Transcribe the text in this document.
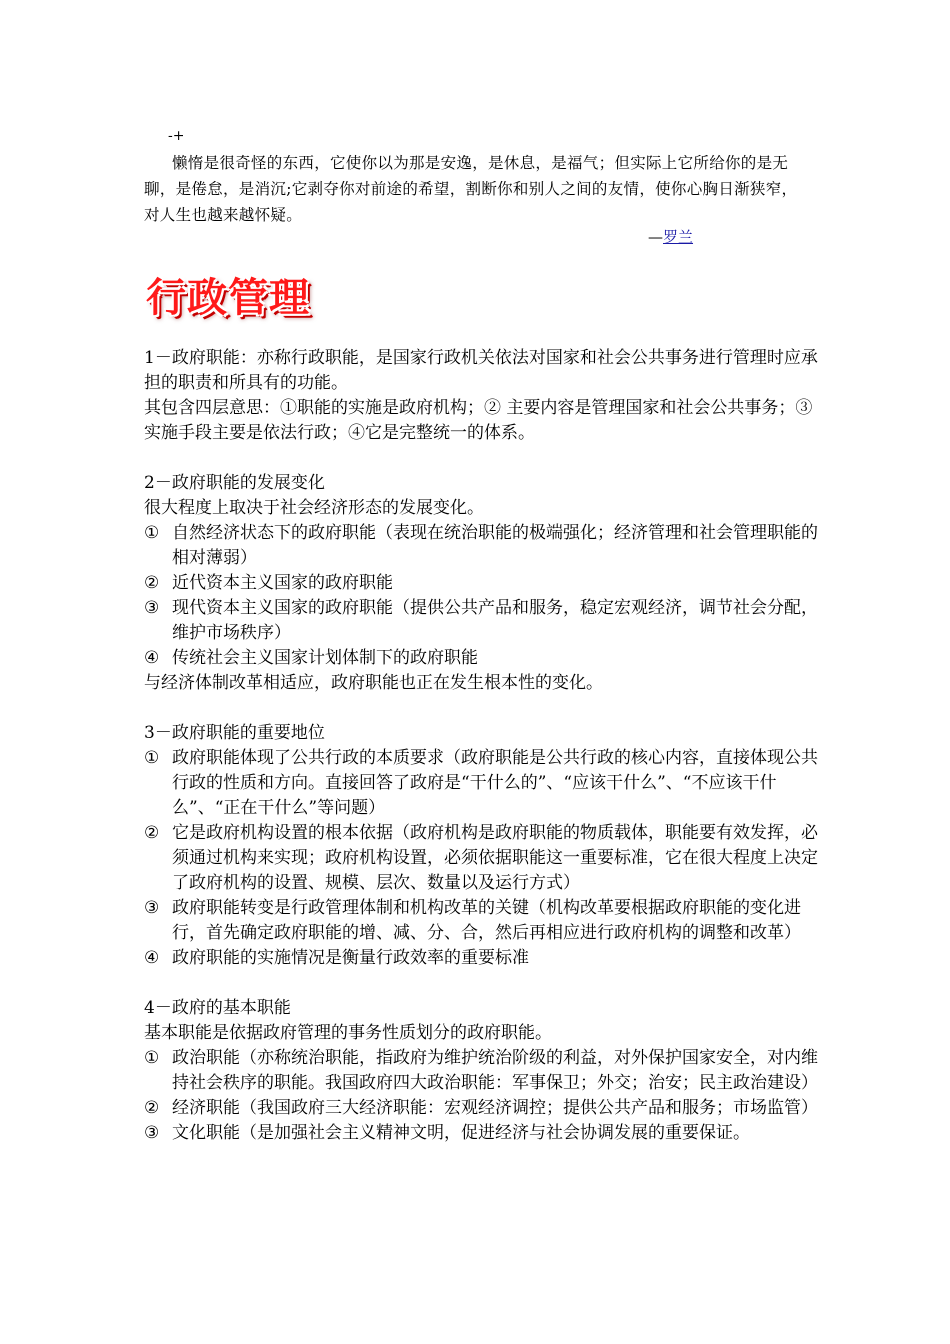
-+

懒惰是很奇怪的东西，它使你以为那是安逸，是休息，是福气；但实际上它所给你的是无聊，是倦怠，是消沉;它剥夺你对前途的希望，割断你和别人之间的友情，使你心胸日渐狭窄，对人生也越来越怀疑。

—罗兰
行政管理

1－政府职能：亦称行政职能，是国家行政机关依法对国家和社会公共事务进行管理时应承担的职责和所具有的功能。

其包含四层意思：①职能的实施是政府机构；② 主要内容是管理国家和社会公共事务；③实施手段主要是依法行政；④它是完整统一的体系。

2－政府职能的发展变化

很大程度上取决于社会经济形态的发展变化。

① 自然经济状态下的政府职能（表现在统治职能的极端强化；经济管理和社会管理职能的相对薄弱）
② 近代资本主义国家的政府职能
③ 现代资本主义国家的政府职能（提供公共产品和服务，稳定宏观经济，调节社会分配，维护市场秩序）
④ 传统社会主义国家计划体制下的政府职能

与经济体制改革相适应，政府职能也正在发生根本性的变化。

3－政府职能的重要地位

① 政府职能体现了公共行政的本质要求（政府职能是公共行政的核心内容，直接体现公共行政的性质和方向。直接回答了政府是“干什么的”、“应该干什么”、“不应该干什么”、“正在干什么”等问题）
② 它是政府机构设置的根本依据（政府机构是政府职能的物质载体，职能要有效发挥，必须通过机构来实现；政府机构设置，必须依据职能这一重要标准，它在很大程度上决定了政府机构的设置、规模、层次、数量以及运行方式）
③ 政府职能转变是行政管理体制和机构改革的关键（机构改革要根据政府职能的变化进行，首先确定政府职能的增、减、分、合，然后再相应进行政府机构的调整和改革）
④ 政府职能的实施情况是衡量行政效率的重要标准

4－政府的基本职能

基本职能是依据政府管理的事务性质划分的政府职能。

① 政治职能（亦称统治职能，指政府为维护统治阶级的利益，对外保护国家安全，对内维持社会秩序的职能。我国政府四大政治职能：军事保卫；外交；治安；民主政治建设）
② 经济职能（我国政府三大经济职能：宏观经济调控；提供公共产品和服务；市场监管）
③ 文化职能（是加强社会主义精神文明，促进经济与社会协调发展的重要保证。
